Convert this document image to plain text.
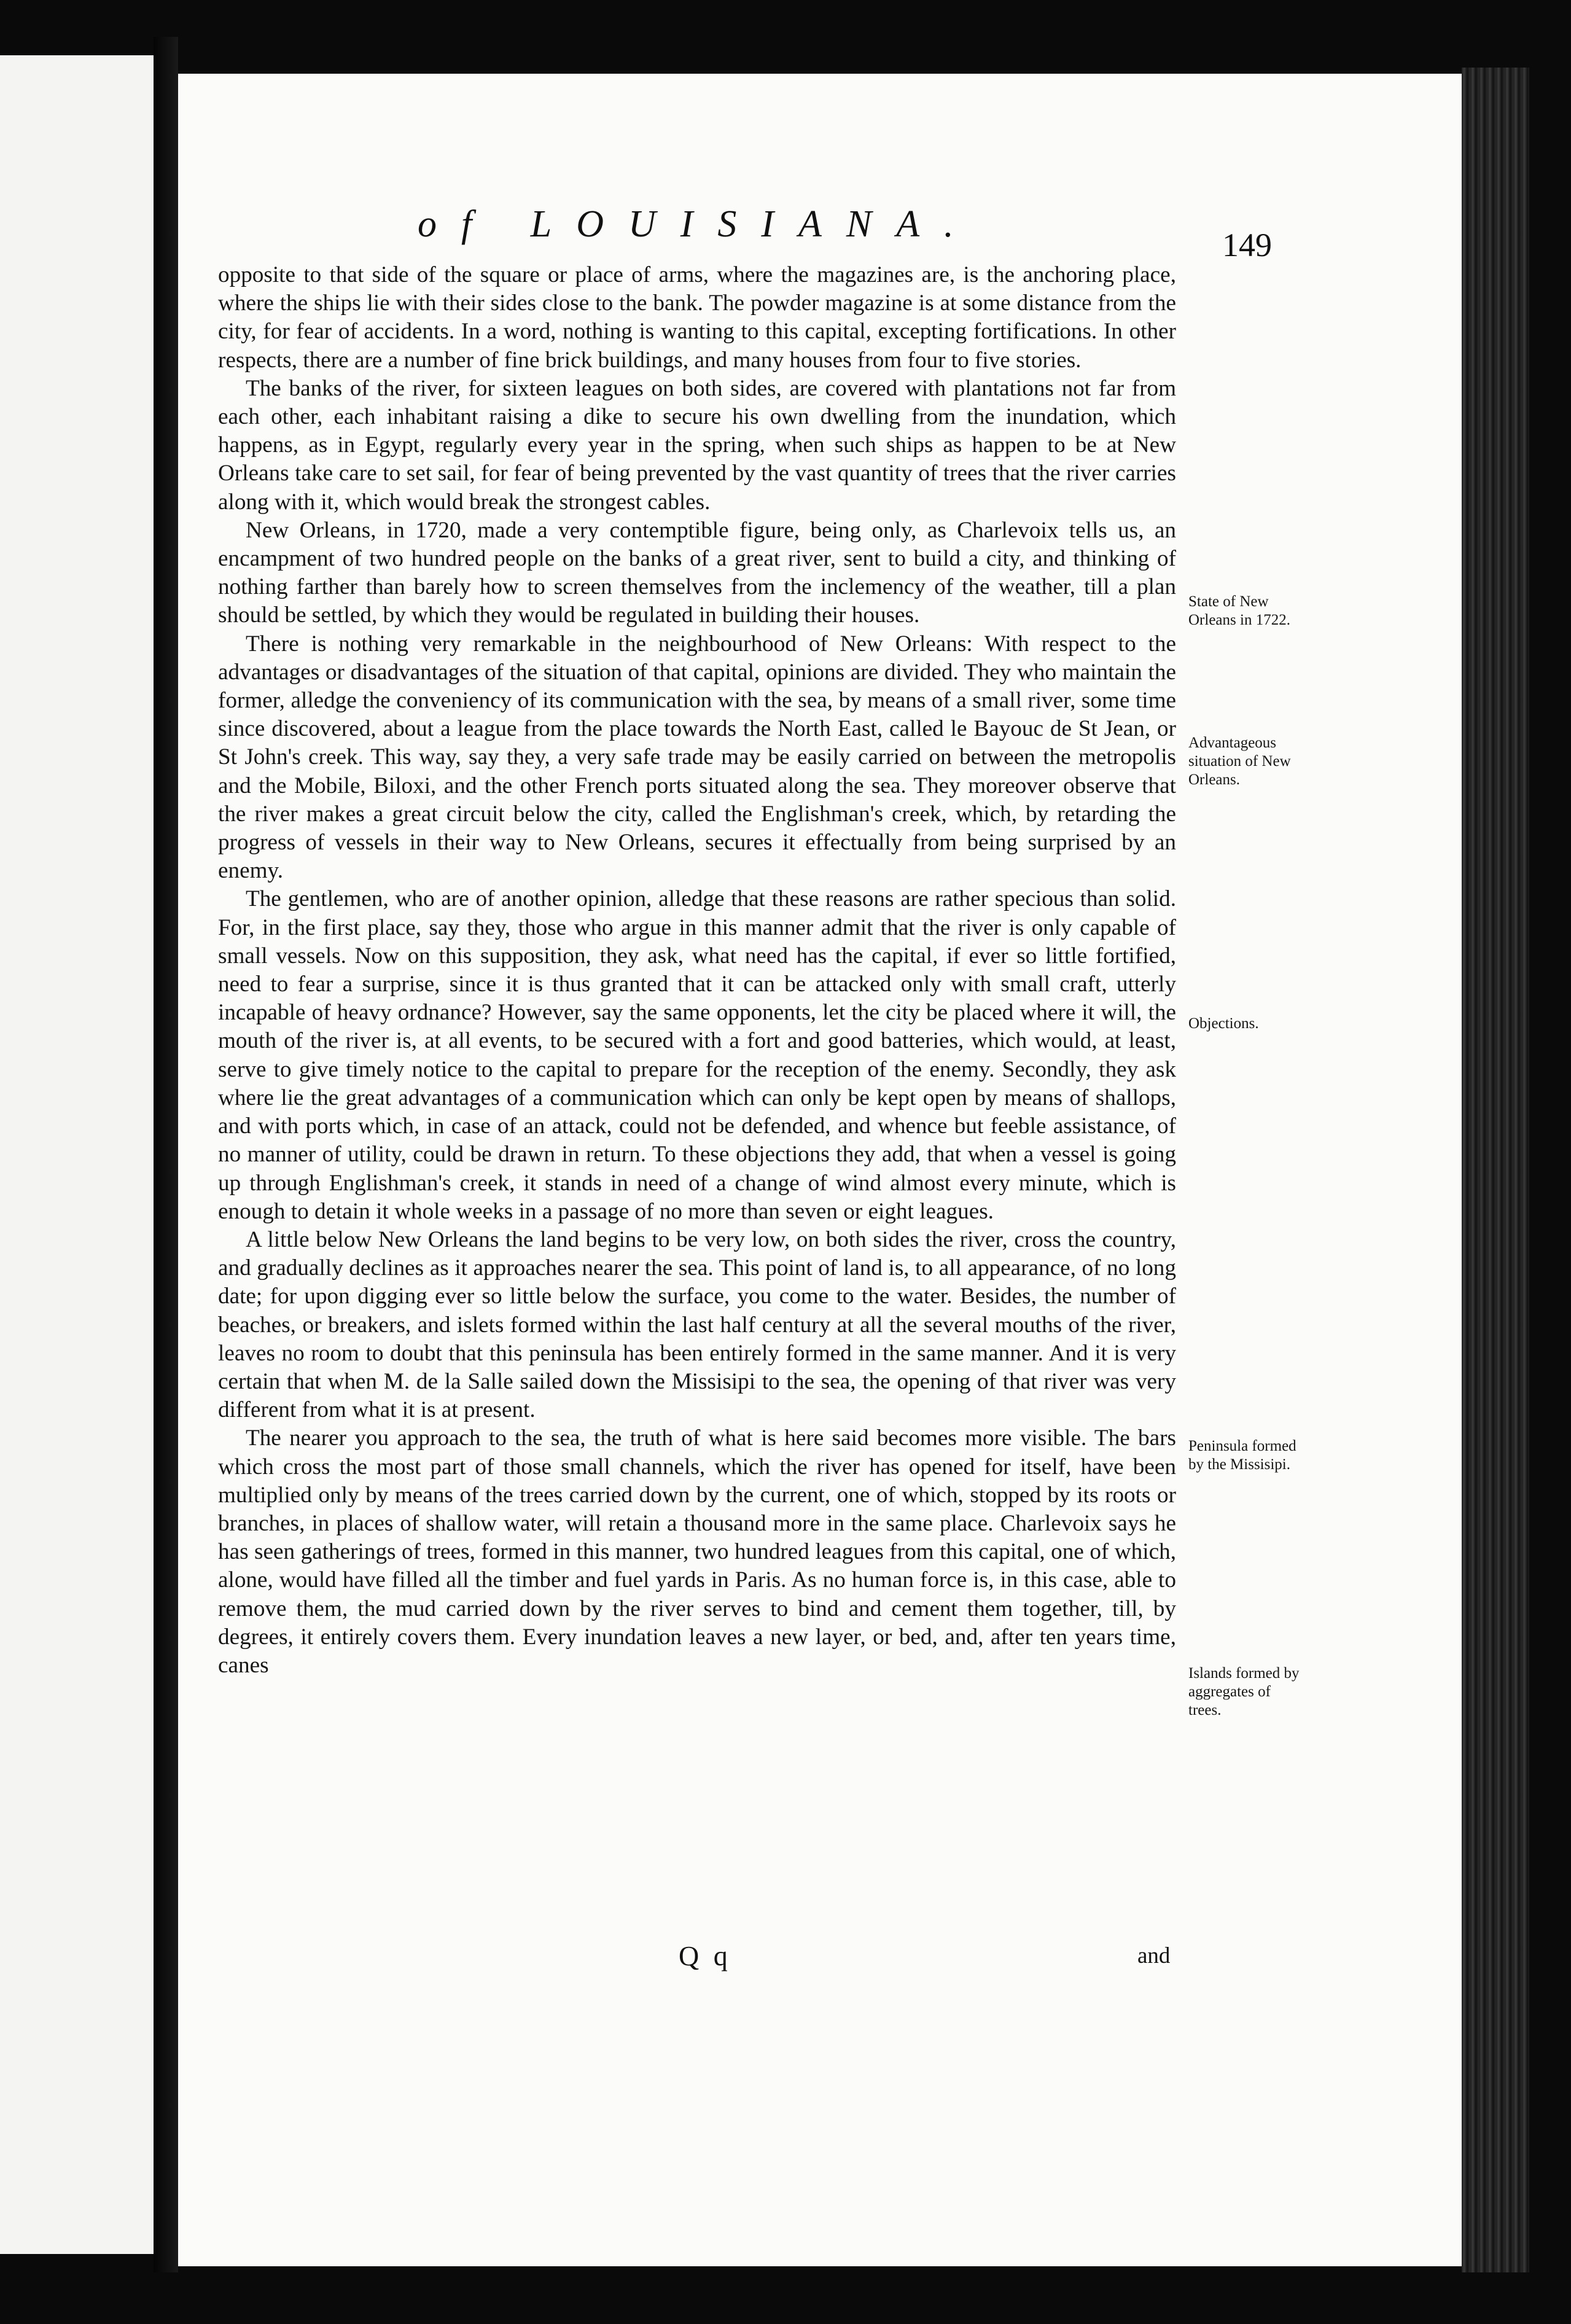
of LOUISIANA.	149

opposite to that side of the square or place of arms, where the magazines are, is the anchoring place, where the ships lie with their sides close to the bank. The powder magazine is at some distance from the city, for fear of accidents. In a word, nothing is wanting to this capital, excepting fortifications. In other respects, there are a number of fine brick buildings, and many houses from four to five stories.

The banks of the river, for sixteen leagues on both sides, are covered with plantations not far from each other, each inhabitant raising a dike to secure his own dwelling from the inundation, which happens, as in Egypt, regularly every year in the spring, when such ships as happen to be at New Orleans take care to set sail, for fear of being prevented by the vast quantity of trees that the river carries along with it, which would break the strongest cables.

New Orleans, in 1720, made a very contemptible figure, being only, as Charlevoix tells us, an encampment of two hundred people on the banks of a great river, sent to build a city, and thinking of nothing farther than barely how to screen themselves from the inclemency of the weather, till a plan should be settled, by which they would be regulated in building their houses.

There is nothing very remarkable in the neighbourhood of New Orleans: With respect to the advantages or disadvantages of the situation of that capital, opinions are divided. They who maintain the former, alledge the conveniency of its communication with the sea, by means of a small river, some time since discovered, about a league from the place towards the North East, called le Bayouc de St Jean, or St John's creek. This way, say they, a very safe trade may be easily carried on between the metropolis and the Mobile, Biloxi, and the other French ports situated along the sea. They moreover observe that the river makes a great circuit below the city, called the Englishman's creek, which, by retarding the progress of vessels in their way to New Orleans, secures it effectually from being surprised by an enemy.

The gentlemen, who are of another opinion, alledge that these reasons are rather specious than solid. For, in the first place, say they, those who argue in this manner admit that the river is only capable of small vessels. Now on this supposition, they ask, what need has the capital, if ever so little fortified, need to fear a surprise, since it is thus granted that it can be attacked only with small craft, utterly incapable of heavy ordnance? However, say the same opponents, let the city be placed where it will, the mouth of the river is, at all events, to be secured with a fort and good batteries, which would, at least, serve to give timely notice to the capital to prepare for the reception of the enemy. Secondly, they ask where lie the great advantages of a communication which can only be kept open by means of shallops, and with ports which, in case of an attack, could not be defended, and whence but feeble assistance, of no manner of utility, could be drawn in return. To these objections they add, that when a vessel is going up through Englishman's creek, it stands in need of a change of wind almost every minute, which is enough to detain it whole weeks in a passage of no more than seven or eight leagues.

A little below New Orleans the land begins to be very low, on both sides the river, cross the country, and gradually declines as it approaches nearer the sea. This point of land is, to all appearance, of no long date; for upon digging ever so little below the surface, you come to the water. Besides, the number of beaches, or breakers, and islets formed within the last half century at all the several mouths of the river, leaves no room to doubt that this peninsula has been entirely formed in the same manner. And it is very certain that when M. de la Salle sailed down the Missisipi to the sea, the opening of that river was very different from what it is at present.

The nearer you approach to the sea, the truth of what is here said becomes more visible. The bars which cross the most part of those small channels, which the river has opened for itself, have been multiplied only by means of the trees carried down by the current, one of which, stopped by its roots or branches, in places of shallow water, will retain a thousand more in the same place. Charlevoix says he has seen gatherings of trees, formed in this manner, two hundred leagues from this capital, one of which, alone, would have filled all the timber and fuel yards in Paris. As no human force is, in this case, able to remove them, the mud carried down by the river serves to bind and cement them together, till, by degrees, it entirely covers them. Every inundation leaves a new layer, or bed, and, after ten years time, canes

State of New Orleans in 1722.
Advantageous situation of New Orleans.
Objections.
Peninsula formed by the Missisipi.
Islands formed by aggregates of trees.
Q q	and
